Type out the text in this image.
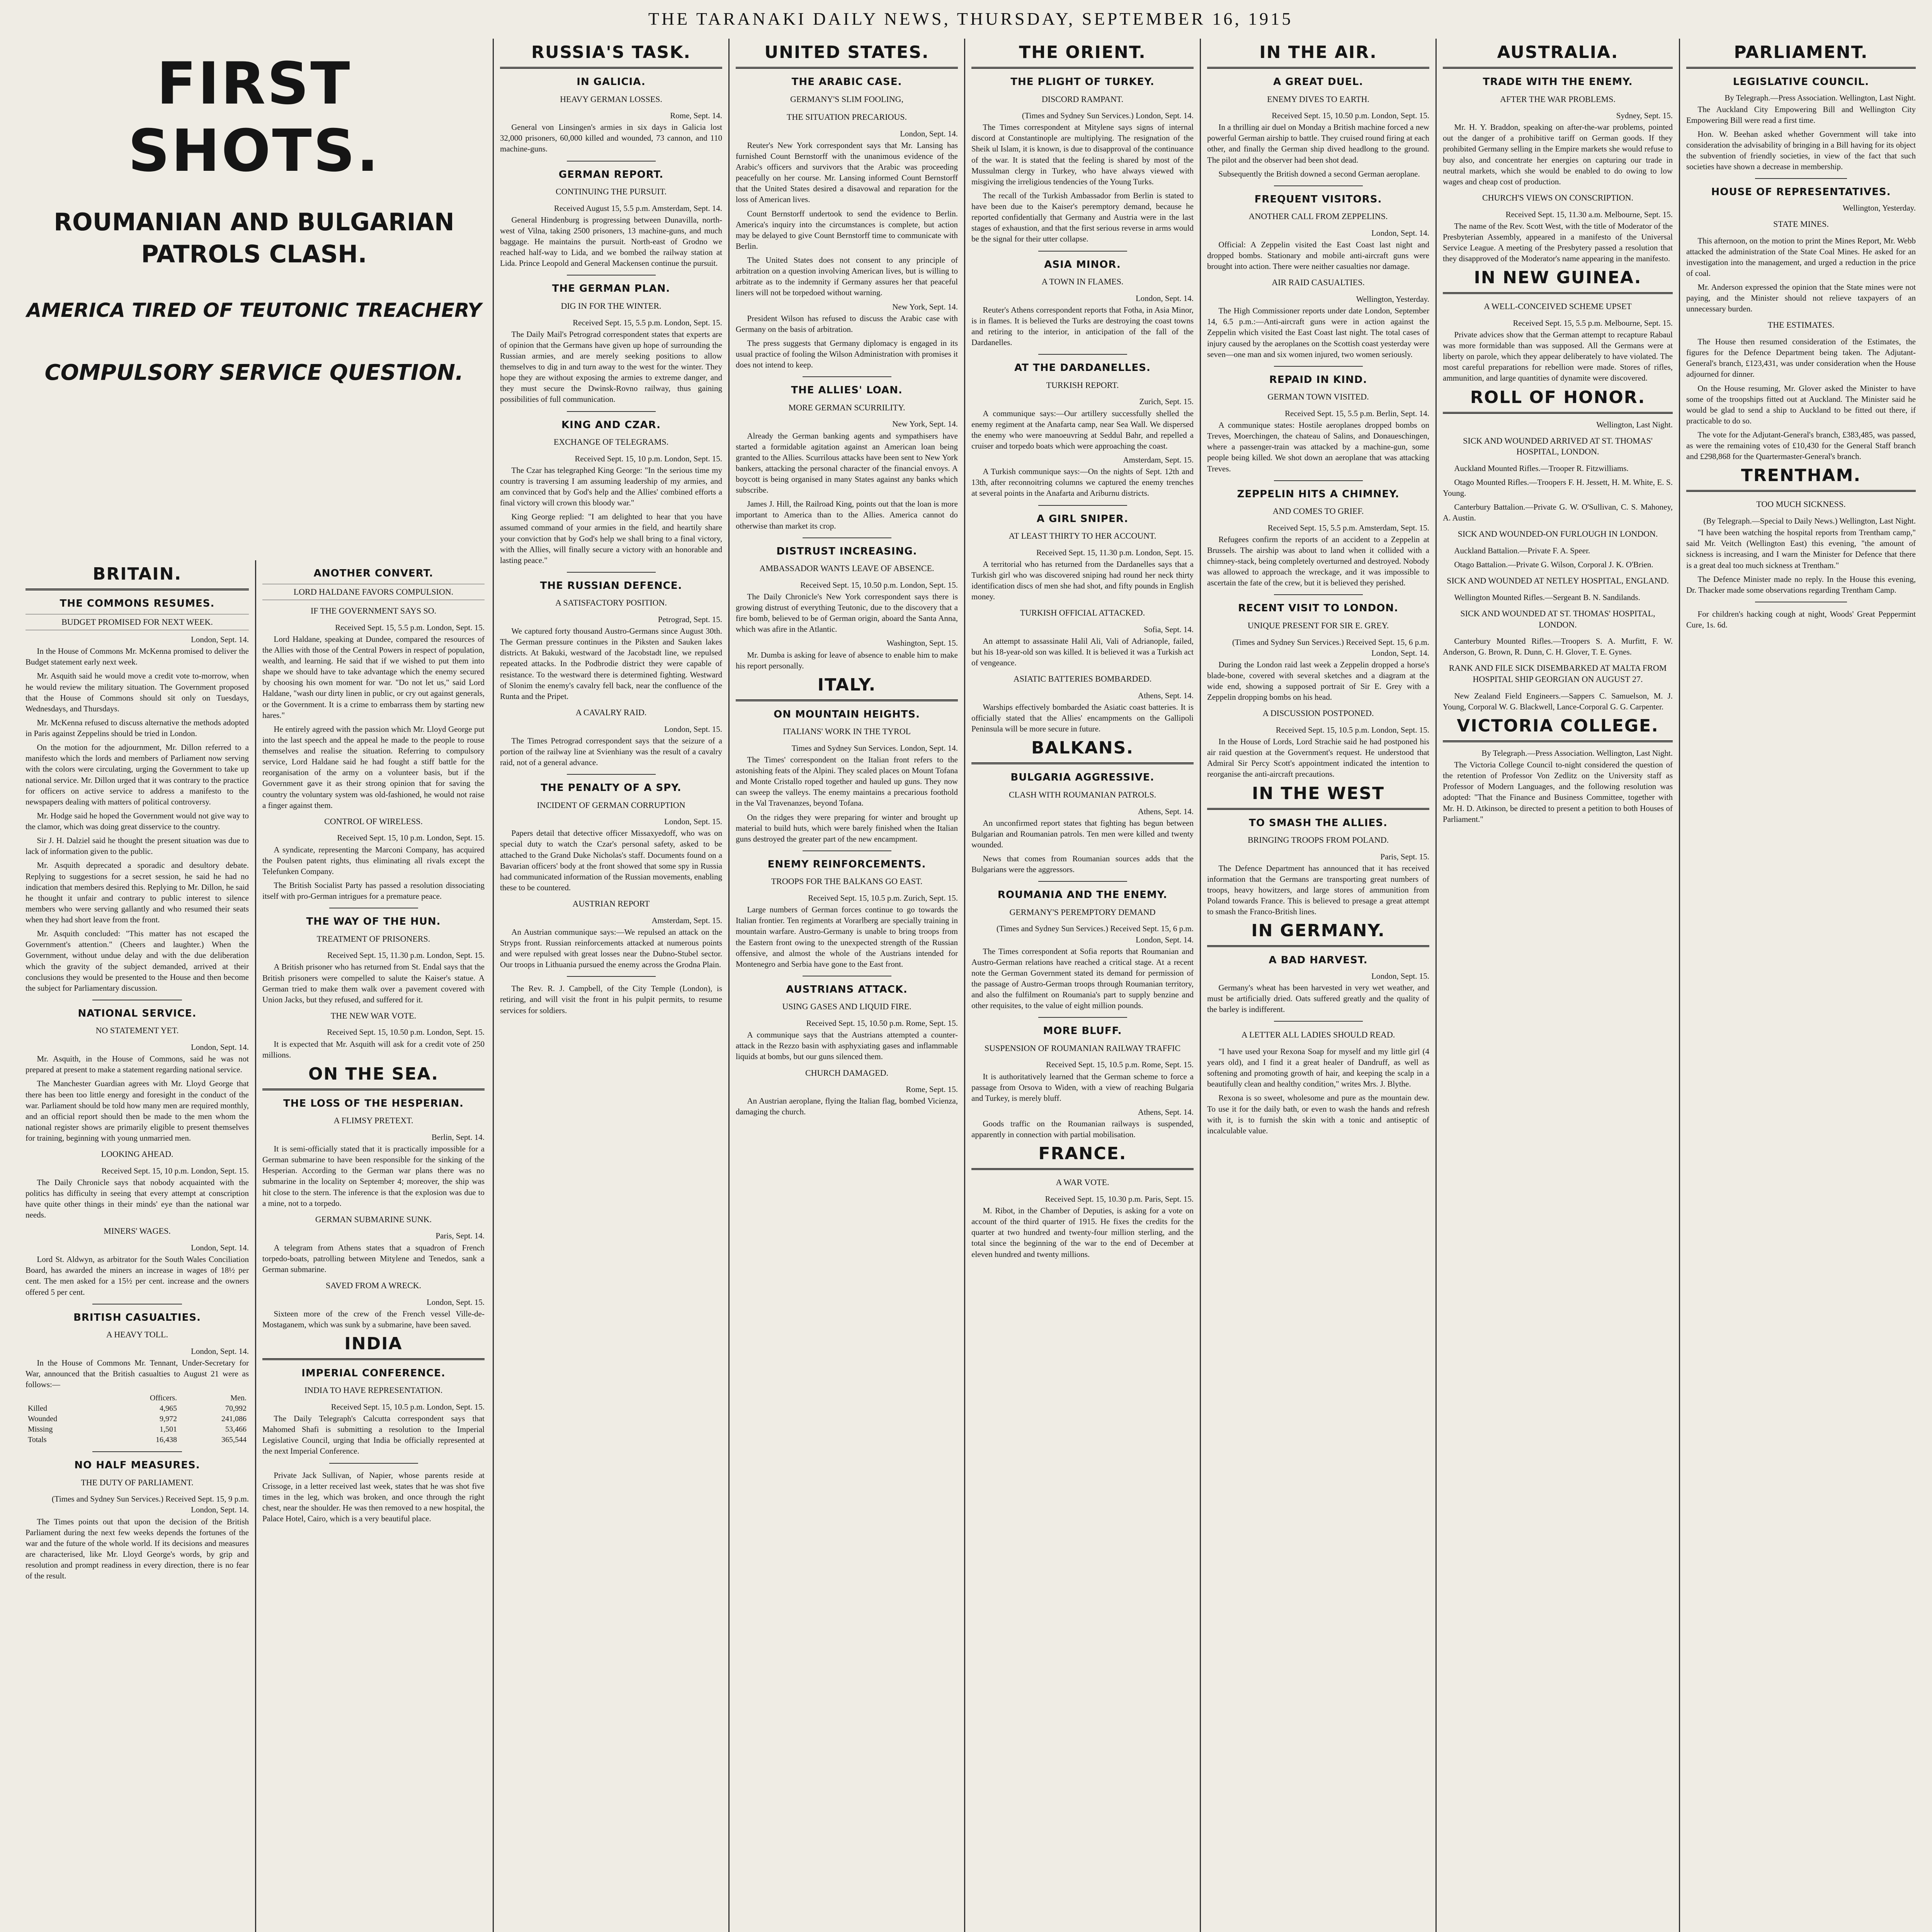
THE TARANAKI DAILY NEWS, THURSDAY, SEPTEMBER 16, 1915
FIRST SHOTS.
ROUMANIAN AND BULGARIAN
PATROLS CLASH.
AMERICA TIRED OF TEUTONIC TREACHERY
COMPULSORY SERVICE QUESTION.
BRITAIN.
THE COMMONS RESUMES.
BUDGET PROMISED FOR NEXT WEEK.

London, Sept. 14.

In the House of Commons Mr. McKenna promised to deliver the Budget statement early next week.

Mr. Asquith said he would move a credit vote to-morrow, when he would review the military situation. The Government proposed that the House of Commons should sit only on Tuesdays, Wednesdays, and Thursdays.

Mr. McKenna refused to discuss alternative the methods adopted in Paris against Zeppelins should be tried in London.

On the motion for the adjournment, Mr. Dillon referred to a manifesto which the lords and members of Parliament now serving with the colors were circulating, urging the Government to take up national service. Mr. Dillon urged that it was contrary to the practice for officers on active service to address a manifesto to the newspapers dealing with matters of political controversy.

Mr. Hodge said he hoped the Government would not give way to the clamor, which was doing great disservice to the country.

Sir J. H. Dalziel said he thought the present situation was due to lack of information given to the public.

Mr. Asquith deprecated a sporadic and desultory debate. Replying to suggestions for a secret session, he said he had no indication that members desired this. Replying to Mr. Dillon, he said he thought it unfair and contrary to public interest to silence members who were serving gallantly and who resumed their seats when they had short leave from the front.

Mr. Asquith concluded: "This matter has not escaped the Government's attention." (Cheers and laughter.) When the Government, without undue delay and with the due deliberation which the gravity of the subject demanded, arrived at their conclusions they would be presented to the House and then become the subject for Parliamentary discussion.

NATIONAL SERVICE.
NO STATEMENT YET.

London, Sept. 14.

Mr. Asquith, in the House of Commons, said he was not prepared at present to make a statement regarding national service.

The Manchester Guardian agrees with Mr. Lloyd George that there has been too little energy and foresight in the conduct of the war. Parliament should be told how many men are required monthly, and an official report should then be made to the men whom the national register shows are primarily eligible to present themselves for training, beginning with young unmarried men.

LOOKING AHEAD.

Received Sept. 15, 10 p.m. London, Sept. 15.

The Daily Chronicle says that nobody acquainted with the politics has difficulty in seeing that every attempt at conscription have quite other things in their minds' eye than the national war needs.

MINERS' WAGES.

London, Sept. 14.

Lord St. Aldwyn, as arbitrator for the South Wales Conciliation Board, has awarded the miners an increase in wages of 18½ per cent. The men asked for a 15½ per cent. increase and the owners offered 5 per cent.

BRITISH CASUALTIES.
A HEAVY TOLL.

London, Sept. 14.

In the House of Commons Mr. Tennant, Under-Secretary for War, announced that the British casualties to August 21 were as follows:—

	Officers.	Men.
Killed	4,965	70,992
Wounded	9,972	241,086
Missing	1,501	53,466
Totals	16,438	365,544
NO HALF MEASURES.
THE DUTY OF PARLIAMENT.

(Times and Sydney Sun Services.) Received Sept. 15, 9 p.m. London, Sept. 14.

The Times points out that upon the decision of the British Parliament during the next few weeks depends the fortunes of the war and the future of the whole world. If its decisions and measures are characterised, like Mr. Lloyd George's words, by grip and resolution and prompt readiness in every direction, there is no fear of the result.

ANOTHER CONVERT.
LORD HALDANE FAVORS COMPULSION.
IF THE GOVERNMENT SAYS SO.

Received Sept. 15, 5.5 p.m. London, Sept. 15.

Lord Haldane, speaking at Dundee, compared the resources of the Allies with those of the Central Powers in respect of population, wealth, and learning. He said that if we wished to put them into shape we should have to take advantage which the enemy secured by choosing his own moment for war. "Do not let us," said Lord Haldane, "wash our dirty linen in public, or cry out against generals, or the Government. It is a crime to embarrass them by starting new hares."

He entirely agreed with the passion which Mr. Lloyd George put into the last speech and the appeal he made to the people to rouse themselves and realise the situation. Referring to compulsory service, Lord Haldane said he had fought a stiff battle for the reorganisation of the army on a volunteer basis, but if the Government gave it as their strong opinion that for saving the country the voluntary system was old-fashioned, he would not raise a finger against them.

CONTROL OF WIRELESS.

Received Sept. 15, 10 p.m. London, Sept. 15.

A syndicate, representing the Marconi Company, has acquired the Poulsen patent rights, thus eliminating all rivals except the Telefunken Company.

The British Socialist Party has passed a resolution dissociating itself with pro-German intrigues for a premature peace.

THE WAY OF THE HUN.
TREATMENT OF PRISONERS.

Received Sept. 15, 11.30 p.m. London, Sept. 15.

A British prisoner who has returned from St. Endal says that the British prisoners were compelled to salute the Kaiser's statue. A German tried to make them walk over a pavement covered with Union Jacks, but they refused, and suffered for it.

THE NEW WAR VOTE.

Received Sept. 15, 10.50 p.m. London, Sept. 15.

It is expected that Mr. Asquith will ask for a credit vote of 250 millions.

ON THE SEA.
THE LOSS OF THE HESPERIAN.
A FLIMSY PRETEXT.

Berlin, Sept. 14.

It is semi-officially stated that it is practically impossible for a German submarine to have been responsible for the sinking of the Hesperian. According to the German war plans there was no submarine in the locality on September 4; moreover, the ship was hit close to the stern. The inference is that the explosion was due to a mine, not to a torpedo.

GERMAN SUBMARINE SUNK.

Paris, Sept. 14.

A telegram from Athens states that a squadron of French torpedo-boats, patrolling between Mitylene and Tenedos, sank a German submarine.

SAVED FROM A WRECK.

London, Sept. 15.

Sixteen more of the crew of the French vessel Ville-de-Mostaganem, which was sunk by a submarine, have been saved.

INDIA
IMPERIAL CONFERENCE.
INDIA TO HAVE REPRESENTATION.

Received Sept. 15, 10.5 p.m. London, Sept. 15.

The Daily Telegraph's Calcutta correspondent says that Mahomed Shafi is submitting a resolution to the Imperial Legislative Council, urging that India be officially represented at the next Imperial Conference.

Private Jack Sullivan, of Napier, whose parents reside at Crissoge, in a letter received last week, states that he was shot five times in the leg, which was broken, and once through the right chest, near the shoulder. He was then removed to a new hospital, the Palace Hotel, Cairo, which is a very beautiful place.

RUSSIA'S TASK.
IN GALICIA.
HEAVY GERMAN LOSSES.

Rome, Sept. 14.

General von Linsingen's armies in six days in Galicia lost 32,000 prisoners, 60,000 killed and wounded, 73 cannon, and 110 machine-guns.

GERMAN REPORT.
CONTINUING THE PURSUIT.

Received August 15, 5.5 p.m. Amsterdam, Sept. 14.

General Hindenburg is progressing between Dunavilla, north-west of Vilna, taking 2500 prisoners, 13 machine-guns, and much baggage. He maintains the pursuit. North-east of Grodno we reached half-way to Lida, and we bombed the railway station at Lida. Prince Leopold and General Mackensen continue the pursuit.

THE GERMAN PLAN.
DIG IN FOR THE WINTER.

Received Sept. 15, 5.5 p.m. London, Sept. 15.

The Daily Mail's Petrograd correspondent states that experts are of opinion that the Germans have given up hope of surrounding the Russian armies, and are merely seeking positions to allow themselves to dig in and turn away to the west for the winter. They hope they are without exposing the armies to extreme danger, and they must secure the Dwinsk-Rovno railway, thus gaining possibilities of full communication.

KING AND CZAR.
EXCHANGE OF TELEGRAMS.

Received Sept. 15, 10 p.m. London, Sept. 15.

The Czar has telegraphed King George: "In the serious time my country is traversing I am assuming leadership of my armies, and am convinced that by God's help and the Allies' combined efforts a final victory will crown this bloody war."

King George replied: "I am delighted to hear that you have assumed command of your armies in the field, and heartily share your conviction that by God's help we shall bring to a final victory, with the Allies, will finally secure a victory with an honorable and lasting peace."

THE RUSSIAN DEFENCE.
A SATISFACTORY POSITION.

Petrograd, Sept. 15.

We captured forty thousand Austro-Germans since August 30th. The German pressure continues in the Piksten and Sauken lakes districts. At Bakuki, westward of the Jacobstadt line, we repulsed repeated attacks. In the Podbrodie district they were capable of resistance. To the westward there is determined fighting. Westward of Slonim the enemy's cavalry fell back, near the confluence of the Runta and the Pripet.

A CAVALRY RAID.

London, Sept. 15.

The Times Petrograd correspondent says that the seizure of a portion of the railway line at Svienhiany was the result of a cavalry raid, not of a general advance.

THE PENALTY OF A SPY.
INCIDENT OF GERMAN CORRUPTION

London, Sept. 15.

Papers detail that detective officer Missaxyedoff, who was on special duty to watch the Czar's personal safety, asked to be attached to the Grand Duke Nicholas's staff. Documents found on a Bavarian officers' body at the front showed that some spy in Russia had communicated information of the Russian movements, enabling these to be countered.

AUSTRIAN REPORT

Amsterdam, Sept. 15.

An Austrian communique says:—We repulsed an attack on the Stryps front. Russian reinforcements attacked at numerous points and were repulsed with great losses near the Dubno-Stubel sector. Our troops in Lithuania pursued the enemy across the Grodna Plain.

The Rev. R. J. Campbell, of the City Temple (London), is retiring, and will visit the front in his pulpit permits, to resume services for soldiers.

UNITED STATES.
THE ARABIC CASE.
GERMANY'S SLIM FOOLING,
THE SITUATION PRECARIOUS.

London, Sept. 14.

Reuter's New York correspondent says that Mr. Lansing has furnished Count Bernstorff with the unanimous evidence of the Arabic's officers and survivors that the Arabic was proceeding peacefully on her course. Mr. Lansing informed Count Bernstorff that the United States desired a disavowal and reparation for the loss of American lives.

Count Bernstorff undertook to send the evidence to Berlin. America's inquiry into the circumstances is complete, but action may be delayed to give Count Bernstorff time to communicate with Berlin.

The United States does not consent to any principle of arbitration on a question involving American lives, but is willing to arbitrate as to the indemnity if Germany assures her that peaceful liners will not be torpedoed without warning.

New York, Sept. 14.

President Wilson has refused to discuss the Arabic case with Germany on the basis of arbitration.

The press suggests that Germany diplomacy is engaged in its usual practice of fooling the Wilson Administration with promises it does not intend to keep.

THE ALLIES' LOAN.
MORE GERMAN SCURRILITY.

New York, Sept. 14.

Already the German banking agents and sympathisers have started a formidable agitation against an American loan being granted to the Allies. Scurrilous attacks have been sent to New York bankers, attacking the personal character of the financial envoys. A boycott is being organised in many States against any banks which subscribe.

James J. Hill, the Railroad King, points out that the loan is more important to America than to the Allies. America cannot do otherwise than market its crop.

DISTRUST INCREASING.
AMBASSADOR WANTS LEAVE OF ABSENCE.

Received Sept. 15, 10.50 p.m. London, Sept. 15.

The Daily Chronicle's New York correspondent says there is growing distrust of everything Teutonic, due to the discovery that a fire bomb, believed to be of German origin, aboard the Santa Anna, which was afire in the Atlantic.

Washington, Sept. 15.

Mr. Dumba is asking for leave of absence to enable him to make his report personally.

ITALY.
ON MOUNTAIN HEIGHTS.
ITALIANS' WORK IN THE TYROL

Times and Sydney Sun Services. London, Sept. 14.

The Times' correspondent on the Italian front refers to the astonishing feats of the Alpini. They scaled places on Mount Tofana and Monte Cristallo roped together and hauled up guns. They now can sweep the valleys. The enemy maintains a precarious foothold in the Val Travenanzes, beyond Tofana.

On the ridges they were preparing for winter and brought up material to build huts, which were barely finished when the Italian guns destroyed the greater part of the new encampment.

ENEMY REINFORCEMENTS.
TROOPS FOR THE BALKANS GO EAST.

Received Sept. 15, 10.5 p.m. Zurich, Sept. 15.

Large numbers of German forces continue to go towards the Italian frontier. Ten regiments at Vorarlberg are specially training in mountain warfare. Austro-Germany is unable to bring troops from the Eastern front owing to the unexpected strength of the Russian offensive, and almost the whole of the Austrians intended for Montenegro and Serbia have gone to the East front.

AUSTRIANS ATTACK.
USING GASES AND LIQUID FIRE.

Received Sept. 15, 10.50 p.m. Rome, Sept. 15.

A communique says that the Austrians attempted a counter-attack in the Rezzo basin with asphyxiating gases and inflammable liquids at bombs, but our guns silenced them.

CHURCH DAMAGED.

Rome, Sept. 15.

An Austrian aeroplane, flying the Italian flag, bombed Vicienza, damaging the church.

THE ORIENT.
THE PLIGHT OF TURKEY.
DISCORD RAMPANT.

(Times and Sydney Sun Services.) London, Sept. 14.

The Times correspondent at Mitylene says signs of internal discord at Constantinople are multiplying. The resignation of the Sheik ul Islam, it is known, is due to disapproval of the continuance of the war. It is stated that the feeling is shared by most of the Mussulman clergy in Turkey, who have always viewed with misgiving the irreligious tendencies of the Young Turks.

The recall of the Turkish Ambassador from Berlin is stated to have been due to the Kaiser's peremptory demand, because he reported confidentially that Germany and Austria were in the last stages of exhaustion, and that the first serious reverse in arms would be the signal for their utter collapse.

ASIA MINOR.
A TOWN IN FLAMES.

London, Sept. 14.

Reuter's Athens correspondent reports that Fotha, in Asia Minor, is in flames. It is believed the Turks are destroying the coast towns and retiring to the interior, in anticipation of the fall of the Dardanelles.

AT THE DARDANELLES.
TURKISH REPORT.

Zurich, Sept. 15.

A communique says:—Our artillery successfully shelled the enemy regiment at the Anafarta camp, near Sea Wall. We dispersed the enemy who were manoeuvring at Seddul Bahr, and repelled a cruiser and torpedo boats which were approaching the coast.

Amsterdam, Sept. 15.

A Turkish communique says:—On the nights of Sept. 12th and 13th, after reconnoitring columns we captured the enemy trenches at several points in the Anafarta and Ariburnu districts.

A GIRL SNIPER.
AT LEAST THIRTY TO HER ACCOUNT.

Received Sept. 15, 11.30 p.m. London, Sept. 15.

A territorial who has returned from the Dardanelles says that a Turkish girl who was discovered sniping had round her neck thirty identification discs of men she had shot, and fifty pounds in English money.

TURKISH OFFICIAL ATTACKED.

Sofia, Sept. 14.

An attempt to assassinate Halil Ali, Vali of Adrianople, failed, but his 18-year-old son was killed. It is believed it was a Turkish act of vengeance.

ASIATIC BATTERIES BOMBARDED.

Athens, Sept. 14.

Warships effectively bombarded the Asiatic coast batteries. It is officially stated that the Allies' encampments on the Gallipoli Peninsula will be more secure in future.

BALKANS.
BULGARIA AGGRESSIVE.
CLASH WITH ROUMANIAN PATROLS.

Athens, Sept. 14.

An unconfirmed report states that fighting has begun between Bulgarian and Roumanian patrols. Ten men were killed and twenty wounded.

News that comes from Roumanian sources adds that the Bulgarians were the aggressors.

ROUMANIA AND THE ENEMY.
GERMANY'S PEREMPTORY DEMAND

(Times and Sydney Sun Services.) Received Sept. 15, 6 p.m. London, Sept. 14.

The Times correspondent at Sofia reports that Roumanian and Austro-German relations have reached a critical stage. At a recent note the German Government stated its demand for permission of the passage of Austro-German troops through Roumanian territory, and also the fulfilment on Roumania's part to supply benzine and other requisites, to the value of eight million pounds.

MORE BLUFF.
SUSPENSION OF ROUMANIAN RAILWAY TRAFFIC

Received Sept. 15, 10.5 p.m. Rome, Sept. 15.

It is authoritatively learned that the German scheme to force a passage from Orsova to Widen, with a view of reaching Bulgaria and Turkey, is merely bluff.

Athens, Sept. 14.

Goods traffic on the Roumanian railways is suspended, apparently in connection with partial mobilisation.

FRANCE.
A WAR VOTE.

Received Sept. 15, 10.30 p.m. Paris, Sept. 15.

M. Ribot, in the Chamber of Deputies, is asking for a vote on account of the third quarter of 1915. He fixes the credits for the quarter at two hundred and twenty-four million sterling, and the total since the beginning of the war to the end of December at eleven hundred and twenty millions.

IN THE AIR.
A GREAT DUEL.
ENEMY DIVES TO EARTH.

Received Sept. 15, 10.50 p.m. London, Sept. 15.

In a thrilling air duel on Monday a British machine forced a new powerful German airship to battle. They cruised round firing at each other, and finally the German ship dived headlong to the ground. The pilot and the observer had been shot dead.

Subsequently the British downed a second German aeroplane.

FREQUENT VISITORS.
ANOTHER CALL FROM ZEPPELINS.

London, Sept. 14.

Official: A Zeppelin visited the East Coast last night and dropped bombs. Stationary and mobile anti-aircraft guns were brought into action. There were neither casualties nor damage.

AIR RAID CASUALTIES.

Wellington, Yesterday.

The High Commissioner reports under date London, September 14, 6.5 p.m.:—Anti-aircraft guns were in action against the Zeppelin which visited the East Coast last night. The total cases of injury caused by the aeroplanes on the Scottish coast yesterday were seven—one man and six women injured, two women seriously.

REPAID IN KIND.
GERMAN TOWN VISITED.

Received Sept. 15, 5.5 p.m. Berlin, Sept. 14.

A communique states: Hostile aeroplanes dropped bombs on Treves, Moerchingen, the chateau of Salins, and Donaueschingen, where a passenger-train was attacked by a machine-gun, some people being killed. We shot down an aeroplane that was attacking Treves.

ZEPPELIN HITS A CHIMNEY.
AND COMES TO GRIEF.

Received Sept. 15, 5.5 p.m. Amsterdam, Sept. 15.

Refugees confirm the reports of an accident to a Zeppelin at Brussels. The airship was about to land when it collided with a chimney-stack, being completely overturned and destroyed. Nobody was allowed to approach the wreckage, and it was impossible to ascertain the fate of the crew, but it is believed they perished.

RECENT VISIT TO LONDON.
UNIQUE PRESENT FOR SIR E. GREY.

(Times and Sydney Sun Services.) Received Sept. 15, 6 p.m. London, Sept. 14.

During the London raid last week a Zeppelin dropped a horse's blade-bone, covered with several sketches and a diagram at the wide end, showing a supposed portrait of Sir E. Grey with a Zeppelin dropping bombs on his head.

A DISCUSSION POSTPONED.

Received Sept. 15, 10.5 p.m. London, Sept. 15.

In the House of Lords, Lord Strachie said he had postponed his air raid question at the Government's request. He understood that Admiral Sir Percy Scott's appointment indicated the intention to reorganise the anti-aircraft precautions.

IN THE WEST
TO SMASH THE ALLIES.
BRINGING TROOPS FROM POLAND.

Paris, Sept. 15.

The Defence Department has announced that it has received information that the Germans are transporting great numbers of troops, heavy howitzers, and large stores of ammunition from Poland towards France. This is believed to presage a great attempt to smash the Franco-British lines.

IN GERMANY.
A BAD HARVEST.

London, Sept. 15.

Germany's wheat has been harvested in very wet weather, and must be artificially dried. Oats suffered greatly and the quality of the barley is indifferent.

A LETTER ALL LADIES SHOULD READ.

"I have used your Rexona Soap for myself and my little girl (4 years old), and I find it a great healer of Dandruff, as well as softening and promoting growth of hair, and keeping the scalp in a beautifully clean and healthy condition," writes Mrs. J. Blythe.

Rexona is so sweet, wholesome and pure as the mountain dew. To use it for the daily bath, or even to wash the hands and refresh with it, is to furnish the skin with a tonic and antiseptic of incalculable value.

AUSTRALIA.
TRADE WITH THE ENEMY.
AFTER THE WAR PROBLEMS.

Sydney, Sept. 15.

Mr. H. Y. Braddon, speaking on after-the-war problems, pointed out the danger of a prohibitive tariff on German goods. If they prohibited Germany selling in the Empire markets she would refuse to buy also, and concentrate her energies on capturing our trade in neutral markets, which she would be enabled to do owing to low wages and cheap cost of production.

CHURCH'S VIEWS ON CONSCRIPTION.

Received Sept. 15, 11.30 a.m. Melbourne, Sept. 15.

The name of the Rev. Scott West, with the title of Moderator of the Presbyterian Assembly, appeared in a manifesto of the Universal Service League. A meeting of the Presbytery passed a resolution that they disapproved of the Moderator's name appearing in the manifesto.

IN NEW GUINEA.
A WELL-CONCEIVED SCHEME UPSET

Received Sept. 15, 5.5 p.m. Melbourne, Sept. 15.

Private advices show that the German attempt to recapture Rabaul was more formidable than was supposed. All the Germans were at liberty on parole, which they appear deliberately to have violated. The most careful preparations for rebellion were made. Stores of rifles, ammunition, and large quantities of dynamite were discovered.

ROLL OF HONOR.

Wellington, Last Night.

SICK AND WOUNDED ARRIVED AT ST. THOMAS' HOSPITAL, LONDON.

Auckland Mounted Rifles.—Trooper R. Fitzwilliams.

Otago Mounted Rifles.—Troopers F. H. Jessett, H. M. White, E. S. Young.

Canterbury Battalion.—Private G. W. O'Sullivan, C. S. Mahoney, A. Austin.

SICK AND WOUNDED-ON FURLOUGH IN LONDON.

Auckland Battalion.—Private F. A. Speer.

Otago Battalion.—Private G. Wilson, Corporal J. K. O'Brien.

SICK AND WOUNDED AT NETLEY HOSPITAL, ENGLAND.

Wellington Mounted Rifles.—Sergeant B. N. Sandilands.

SICK AND WOUNDED AT ST. THOMAS' HOSPITAL, LONDON.

Canterbury Mounted Rifles.—Troopers S. A. Murfitt, F. W. Anderson, G. Brown, R. Dunn, C. H. Glover, T. E. Gynes.

RANK AND FILE SICK DISEMBARKED AT MALTA FROM HOSPITAL SHIP GEORGIAN ON AUGUST 27.

New Zealand Field Engineers.—Sappers C. Samuelson, M. J. Young, Corporal W. G. Blackwell, Lance-Corporal G. G. Carpenter.

VICTORIA COLLEGE.

By Telegraph.—Press Association. Wellington, Last Night.

The Victoria College Council to-night considered the question of the retention of Professor Von Zedlitz on the University staff as Professor of Modern Languages, and the following resolution was adopted: "That the Finance and Business Committee, together with Mr. H. D. Atkinson, be directed to present a petition to both Houses of Parliament."

PARLIAMENT.
LEGISLATIVE COUNCIL.

By Telegraph.—Press Association. Wellington, Last Night.

The Auckland City Empowering Bill and Wellington City Empowering Bill were read a first time.

Hon. W. Beehan asked whether Government will take into consideration the advisability of bringing in a Bill having for its object the subvention of friendly societies, in view of the fact that such societies have shown a decrease in membership.

HOUSE OF REPRESENTATIVES.

Wellington, Yesterday.

STATE MINES.

This afternoon, on the motion to print the Mines Report, Mr. Webb attacked the administration of the State Coal Mines. He asked for an investigation into the management, and urged a reduction in the price of coal.

Mr. Anderson expressed the opinion that the State mines were not paying, and the Minister should not relieve taxpayers of an unnecessary burden.

THE ESTIMATES.

The House then resumed consideration of the Estimates, the figures for the Defence Department being taken. The Adjutant-General's branch, £123,431, was under consideration when the House adjourned for dinner.

On the House resuming, Mr. Glover asked the Minister to have some of the troopships fitted out at Auckland. The Minister said he would be glad to send a ship to Auckland to be fitted out there, if practicable to do so.

The vote for the Adjutant-General's branch, £383,485, was passed, as were the remaining votes of £10,430 for the General Staff branch and £298,868 for the Quartermaster-General's branch.

TRENTHAM.
TOO MUCH SICKNESS.

(By Telegraph.—Special to Daily News.) Wellington, Last Night.

"I have been watching the hospital reports from Trentham camp," said Mr. Veitch (Wellington East) this evening, "the amount of sickness is increasing, and I warn the Minister for Defence that there is a great deal too much sickness at Trentham."

The Defence Minister made no reply. In the House this evening, Dr. Thacker made some observations regarding Trentham Camp.

For children's hacking cough at night, Woods' Great Peppermint Cure, 1s. 6d.
